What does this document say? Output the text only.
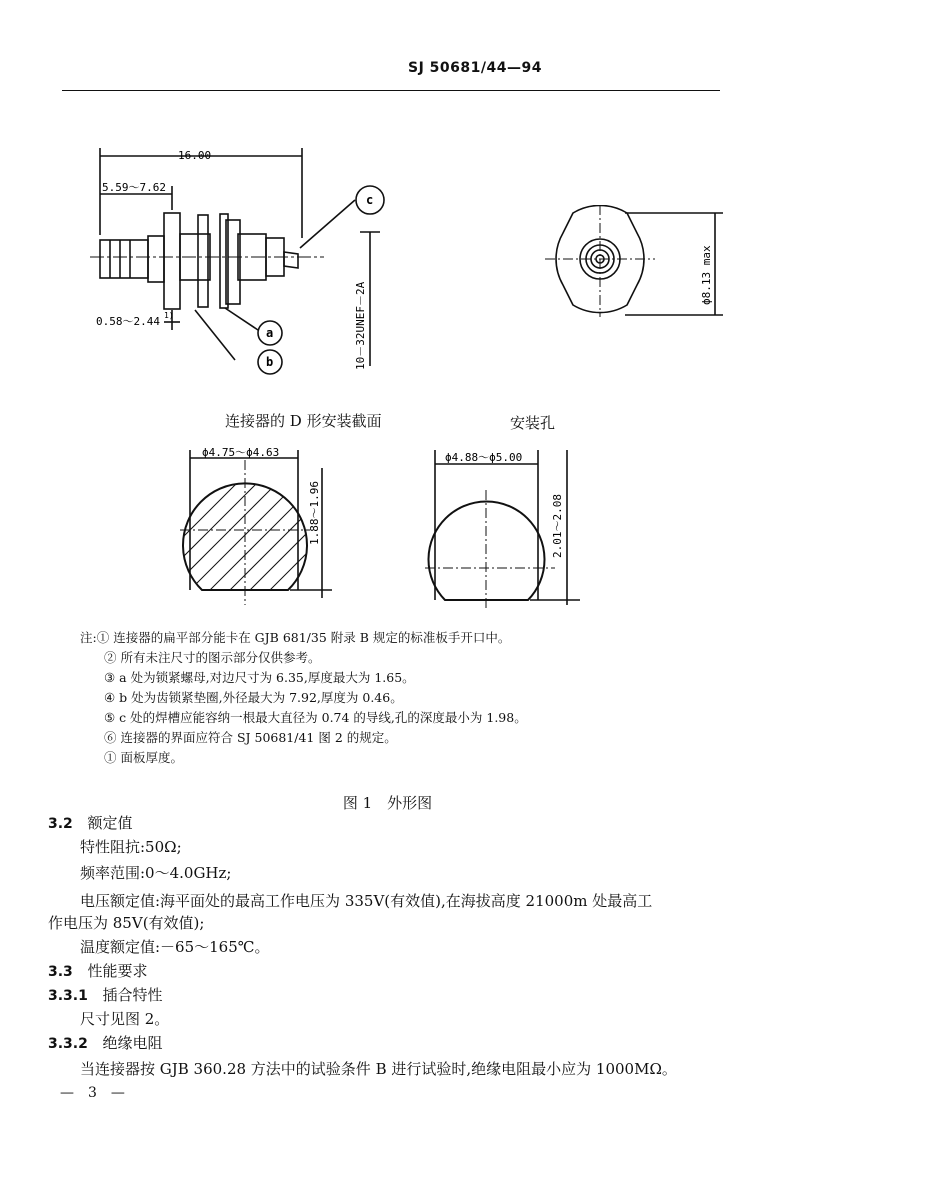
SJ 50681/44—94
16.00
5.59～7.62
0.58～2.44 1)
c
a
b	10－32UNEF－2A
ϕ8.13 max
连接器的 D 形安装截面	安装孔
ϕ4.75～ϕ4.63
1.88～1.96
ϕ4.88～ϕ5.00
2.01～2.08
注:① 连接器的扁平部分能卡在 GJB 681/35 附录 B 规定的标准板手开口中。
② 所有未注尺寸的图示部分仅供参考。
③ a 处为锁紧螺母,对边尺寸为 6.35,厚度最大为 1.65。
④ b 处为齿锁紧垫圈,外径最大为 7.92,厚度为 0.46。
⑤ c 处的焊槽应能容纳一根最大直径为 0.74 的导线,孔的深度最小为 1.98。
⑥ 连接器的界面应符合 SJ 50681/41 图 2 的规定。
① 面板厚度。
图 1　外形图
3.2 额定值
特性阻抗:50Ω;
频率范围:0～4.0GHz;
电压额定值:海平面处的最高工作电压为 335V(有效值),在海拔高度 21000m 处最高工
作电压为 85V(有效值);
温度额定值:－65～165℃。
3.3 性能要求
3.3.1 插合特性
尺寸见图 2。
3.3.2 绝缘电阻
当连接器按 GJB 360.28 方法中的试验条件 B 进行试验时,绝缘电阻最小应为 1000MΩ。
—　3　—
